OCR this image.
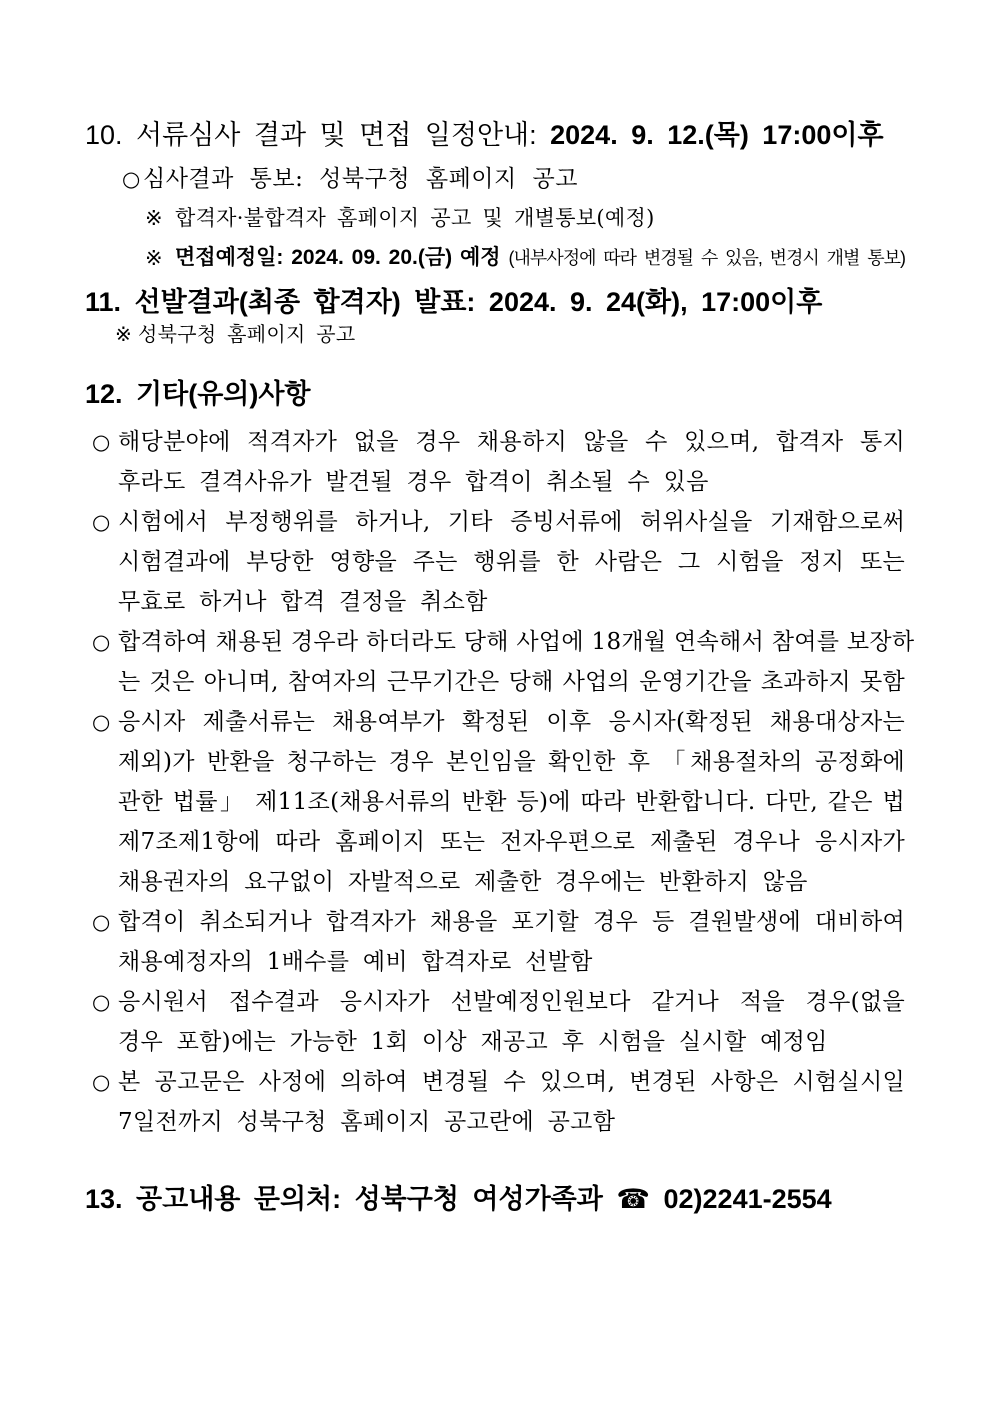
10. 서류심사 결과 및 면접 일정안내: 2024. 9. 12.(목) 17:00이후
○ 심사결과 통보: 성북구청 홈페이지 공고
※ 합격자·불합격자 홈페이지 공고 및 개별통보(예정)
※ 면접예정일: 2024. 09. 20.(금) 예정 (내부사정에 따라 변경될 수 있음, 변경시 개별 통보)
11. 선발결과(최종 합격자) 발표: 2024. 9. 24(화), 17:00이후
※ 성북구청 홈페이지 공고
12. 기타(유의)사항
○ 해당분야에 적격자가 없을 경우 채용하지 않을 수 있으며, 합격자 통지
후라도 결격사유가 발견될 경우 합격이 취소될 수 있음
○ 시험에서 부정행위를 하거나, 기타 증빙서류에 허위사실을 기재함으로써
시험결과에 부당한 영향을 주는 행위를 한 사람은 그 시험을 정지 또는
무효로 하거나 합격 결정을 취소함
○ 합격하여 채용된 경우라 하더라도 당해 사업에 18개월 연속해서 참여를 보장하
는 것은 아니며, 참여자의 근무기간은 당해 사업의 운영기간을 초과하지 못함
○ 응시자 제출서류는 채용여부가 확정된 이후 응시자(확정된 채용대상자는
제외)가 반환을 청구하는 경우 본인임을 확인한 후 「채용절차의 공정화에
관한 법률」 제11조(채용서류의 반환 등)에 따라 반환합니다. 다만, 같은 법
제7조제1항에 따라 홈페이지 또는 전자우편으로 제출된 경우나 응시자가
채용권자의 요구없이 자발적으로 제출한 경우에는 반환하지 않음
○ 합격이 취소되거나 합격자가 채용을 포기할 경우 등 결원발생에 대비하여
채용예정자의 1배수를 예비 합격자로 선발함
○ 응시원서 접수결과 응시자가 선발예정인원보다 같거나 적을 경우(없을
경우 포함)에는 가능한 1회 이상 재공고 후 시험을 실시할 예정임
○ 본 공고문은 사정에 의하여 변경될 수 있으며, 변경된 사항은 시험실시일
7일전까지 성북구청 홈페이지 공고란에 공고함
13. 공고내용 문의처: 성북구청 여성가족과 ☎ 02)2241-2554
